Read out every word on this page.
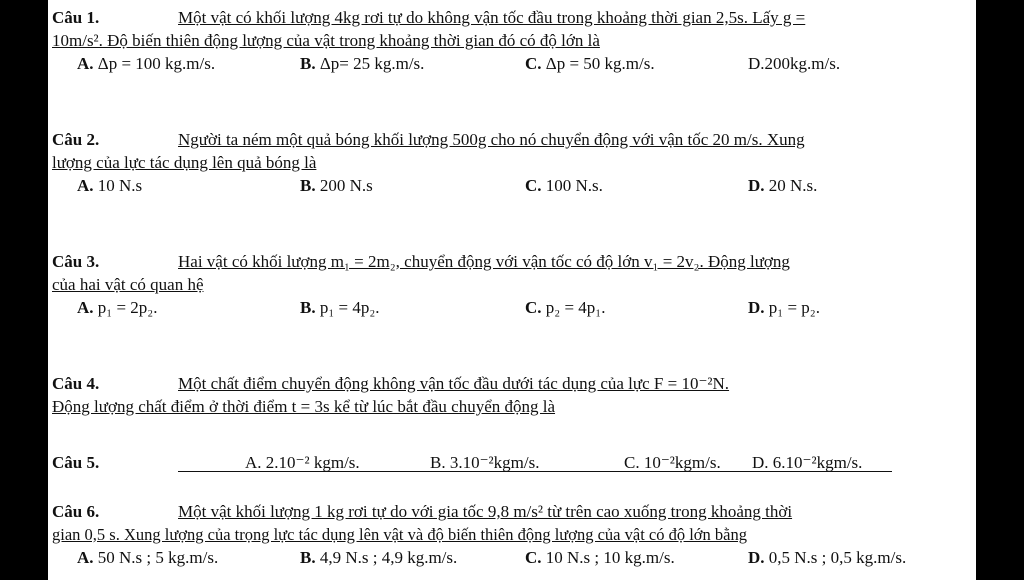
Câu 1.	Một vật có khối lượng 4kg rơi tự do không vận tốc đầu trong khoảng thời gian 2,5s. Lấy g =
10m/s². Độ biến thiên động lượng của vật trong khoảng thời gian đó có độ lớn là
A. Δp = 100 kg.m/s.	B. Δp= 25 kg.m/s.	C. Δp = 50 kg.m/s.	D.200kg.m/s.
Câu 2.	Người ta ném một quả bóng khối lượng 500g cho nó chuyển động với vận tốc 20 m/s. Xung
lượng của lực tác dụng lên quả bóng là
A. 10 N.s	B. 200 N.s	C. 100 N.s.	D. 20 N.s.
Câu 3.	Hai vật có khối lượng m₁ = 2m₂, chuyển động với vận tốc có độ lớn v₁ = 2v₂. Động lượng
của hai vật có quan hệ
A. p₁ = 2p₂.	B. p₁ = 4p₂.	C. p₂ = 4p₁.	D. p₁ = p₂.
Câu 4.	Một chất điểm chuyển động không vận tốc đầu dưới tác dụng của lực F = 10⁻²N.
Động lượng chất điểm ở thời điểm t = 3s kể từ lúc bắt đầu chuyển động là
Câu 5.	A. 2.10⁻² kgm/s.	B. 3.10⁻²kgm/s.	C. 10⁻²kgm/s. D. 6.10⁻²kgm/s.
Câu 6.	Một vật khối lượng 1 kg rơi tự do với gia tốc 9,8 m/s² từ trên cao xuống trong khoảng thời
gian 0,5 s. Xung lượng của trọng lực tác dụng lên vật và độ biến thiên động lượng của vật có độ lớn bằng
A. 50 N.s ; 5 kg.m/s.	B. 4,9 N.s ; 4,9 kg.m/s.	C. 10 N.s ; 10 kg.m/s.	D. 0,5 N.s ; 0,5 kg.m/s.
